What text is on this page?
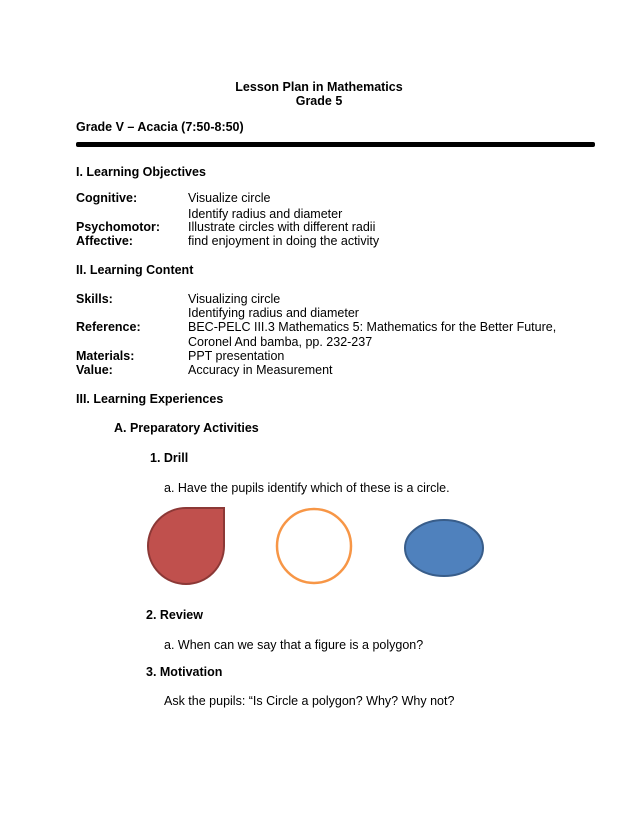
Lesson Plan in Mathematics
Grade 5
Grade V – Acacia (7:50-8:50)
I. Learning Objectives
Cognitive:	Visualize circle
Identify radius and diameter
Psychomotor: Illustrate circles with different radii
Affective:	find enjoyment in doing the activity
II. Learning Content
Skills:	Visualizing circle
Identifying radius and diameter
Reference:	BEC-PELC III.3 Mathematics 5: Mathematics for the Better Future,
Coronel And bamba, pp. 232-237
Materials:	PPT presentation
Value:	Accuracy in Measurement
III. Learning Experiences
A. Preparatory Activities
1. Drill
a. Have the pupils identify which of these is a circle.
2. Review
a. When can we say that a figure is a polygon?
3. Motivation
Ask the pupils: “Is Circle a polygon? Why? Why not?
